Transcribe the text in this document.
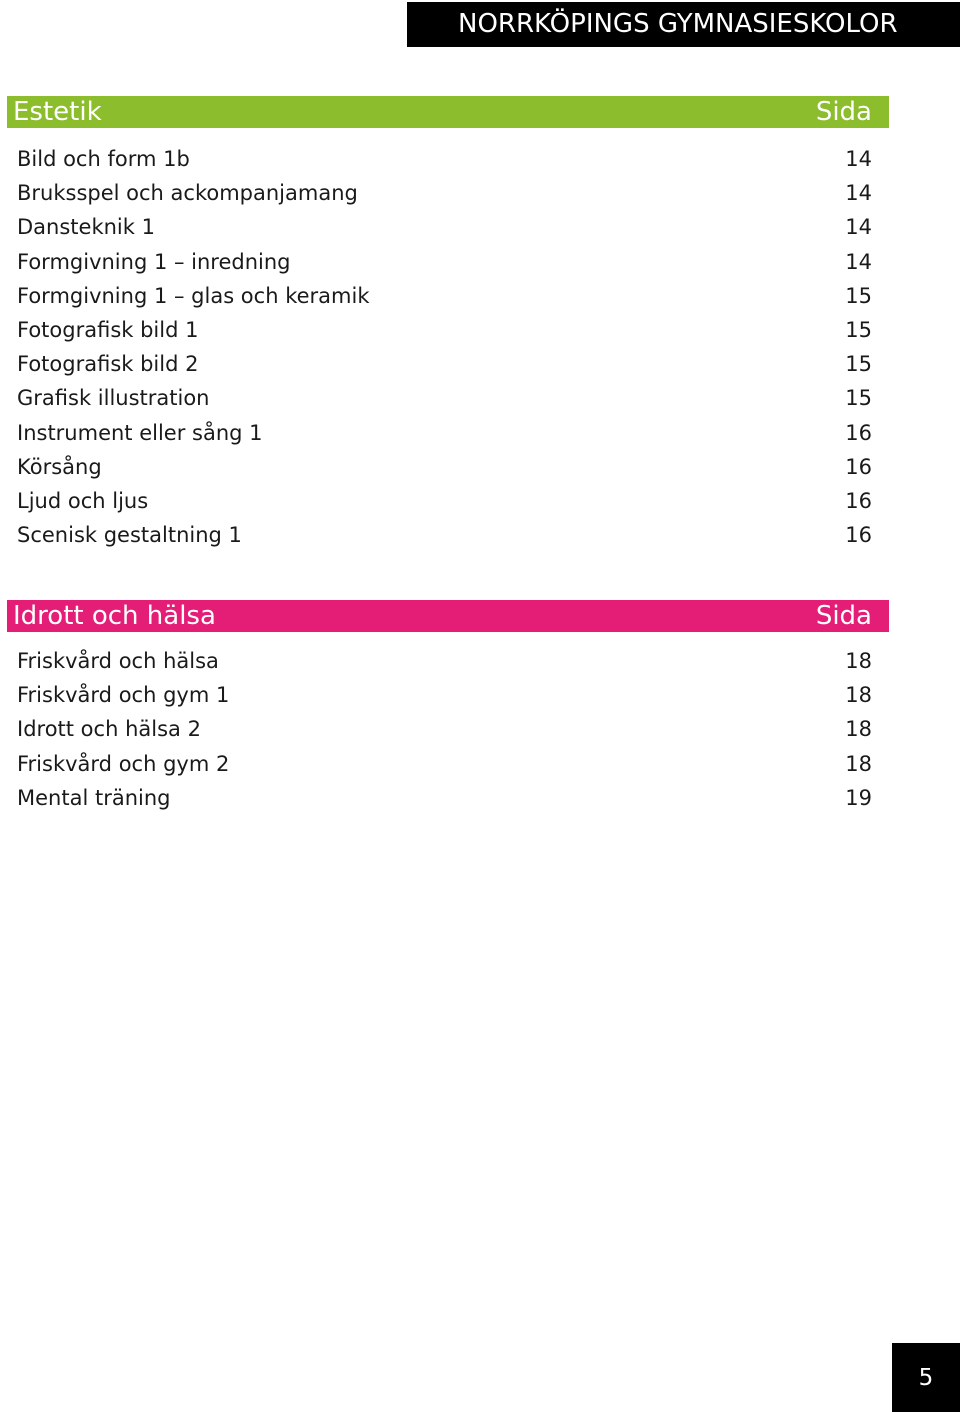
NORRKÖPINGS GYMNASIESKOLOR
Estetik	Sida
Bild och form 1b	14
Bruksspel och ackompanjamang	14
Dansteknik 1	14
Formgivning 1 – inredning	14
Formgivning 1 – glas och keramik	15
Fotografisk bild 1	15
Fotografisk bild 2	15
Grafisk illustration	15
Instrument eller sång 1	16
Körsång	16
Ljud och ljus	16
Scenisk gestaltning 1	16
Idrott och hälsa	Sida
Friskvård och hälsa	18
Friskvård och gym 1	18
Idrott och hälsa 2	18
Friskvård och gym 2	18
Mental träning	19
5
